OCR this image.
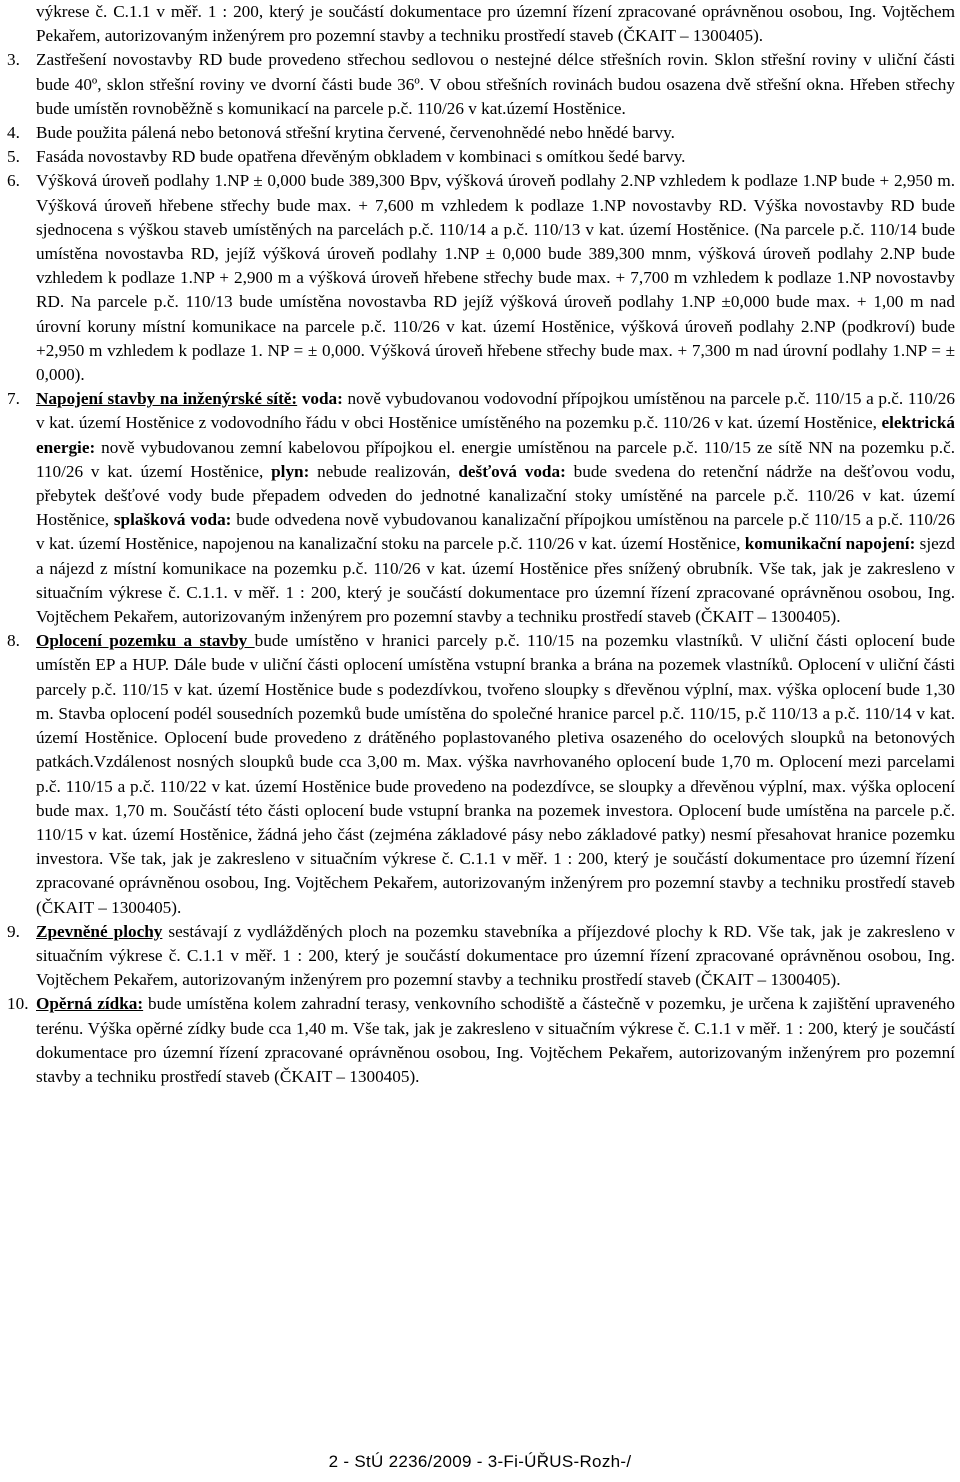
výkrese č. C.1.1 v měř. 1 : 200, který je součástí dokumentace pro územní řízení zpracované oprávněnou osobou, Ing. Vojtěchem Pekařem, autorizovaným inženýrem pro pozemní stavby a techniku prostředí staveb (ČKAIT – 1300405).
3. Zastřešení novostavby RD bude provedeno střechou sedlovou o nestejné délce střešních rovin. Sklon střešní roviny v uliční části bude 40º, sklon střešní roviny ve dvorní části bude 36º. V obou střešních rovinách budou osazena dvě střešní okna. Hřeben střechy bude umístěn rovnoběžně s komunikací na parcele p.č. 110/26 v kat.území Hostěnice.
4. Bude použita pálená nebo betonová střešní krytina červené, červenohnědé nebo hnědé barvy.
5. Fasáda novostavby RD bude opatřena dřevěným obkladem v kombinaci s omítkou šedé barvy.
6. Výšková úroveň podlahy 1.NP ± 0,000 bude 389,300 Bpv, výšková úroveň podlahy 2.NP vzhledem k podlaze 1.NP bude + 2,950 m. Výšková úroveň hřebene střechy bude max. + 7,600 m vzhledem k podlaze 1.NP novostavby RD. Výška novostavby RD bude sjednocena s výškou staveb umístěných na parcelách p.č. 110/14 a p.č. 110/13 v kat. území Hostěnice. (Na parcele p.č. 110/14 bude umístěna novostavba RD, jejíž výšková úroveň podlahy 1.NP ± 0,000 bude 389,300 mnm, výšková úroveň podlahy 2.NP bude vzhledem k podlaze 1.NP + 2,900 m a výšková úroveň hřebene střechy bude max. + 7,700 m vzhledem k podlaze 1.NP novostavby RD. Na parcele p.č. 110/13 bude umístěna novostavba RD jejíž výšková úroveň podlahy 1.NP ±0,000 bude max. + 1,00 m nad úrovní koruny místní komunikace na parcele p.č. 110/26 v kat. území Hostěnice, výšková úroveň podlahy 2.NP (podkroví) bude +2,950 m vzhledem k podlaze 1. NP = ± 0,000. Výšková úroveň hřebene střechy bude max. + 7,300 m nad úrovní podlahy 1.NP = ± 0,000).
7. Napojení stavby na inženýrské sítě: voda: nově vybudovanou vodovodní přípojkou umístěnou na parcele p.č. 110/15 a p.č. 110/26 v kat. území Hostěnice z vodovodního řádu v obci Hostěnice umístěného na pozemku p.č. 110/26 v kat. území Hostěnice, elektrická energie: nově vybudovanou zemní kabelovou přípojkou el. energie umístěnou na parcele p.č. 110/15 ze sítě NN na pozemku p.č. 110/26 v kat. území Hostěnice, plyn: nebude realizován, dešťová voda: bude svedena do retenční nádrže na dešťovou vodu, přebytek dešťové vody bude přepadem odveden do jednotné kanalizační stoky umístěné na parcele p.č. 110/26 v kat. území Hostěnice, splašková voda: bude odvedena nově vybudovanou kanalizační přípojkou umístěnou na parcele p.č 110/15 a p.č. 110/26 v kat. území Hostěnice, napojenou na kanalizační stoku na parcele p.č. 110/26 v kat. území Hostěnice, komunikační napojení: sjezd a nájezd z místní komunikace na pozemku p.č. 110/26 v kat. území Hostěnice přes snížený obrubník. Vše tak, jak je zakresleno v situačním výkrese č. C.1.1. v měř. 1 : 200, který je součástí dokumentace pro územní řízení zpracované oprávněnou osobou, Ing. Vojtěchem Pekařem, autorizovaným inženýrem pro pozemní stavby a techniku prostředí staveb (ČKAIT – 1300405).
8. Oplocení pozemku a stavby bude umístěno v hranici parcely p.č. 110/15 na pozemku vlastníků. V uliční části oplocení bude umístěn EP a HUP. Dále bude v uliční části oplocení umístěna vstupní branka a brána na pozemek vlastníků. Oplocení v uliční části parcely p.č. 110/15 v kat. území Hostěnice bude s podezdívkou, tvořeno sloupky s dřevěnou výplní, max. výška oplocení bude 1,30 m. Stavba oplocení podél sousedních pozemků bude umístěna do společné hranice parcel p.č. 110/15, p.č 110/13 a p.č. 110/14 v kat. území Hostěnice. Oplocení bude provedeno z drátěného poplastovaného pletiva osazeného do ocelových sloupků na betonových patkách.Vzdálenost nosných sloupků bude cca 3,00 m. Max. výška navrhovaného oplocení bude 1,70 m. Oplocení mezi parcelami p.č. 110/15 a p.č. 110/22 v kat. území Hostěnice bude provedeno na podezdívce, se sloupky a dřevěnou výplní, max. výška oplocení bude max. 1,70 m. Součástí této části oplocení bude vstupní branka na pozemek investora. Oplocení bude umístěna na parcele p.č. 110/15 v kat. území Hostěnice, žádná jeho část (zejména základové pásy nebo základové patky) nesmí přesahovat hranice pozemku investora. Vše tak, jak je zakresleno v situačním výkrese č. C.1.1 v měř. 1 : 200, který je součástí dokumentace pro územní řízení zpracované oprávněnou osobou, Ing. Vojtěchem Pekařem, autorizovaným inženýrem pro pozemní stavby a techniku prostředí staveb (ČKAIT – 1300405).
9. Zpevněné plochy sestávají z vydlážděných ploch na pozemku stavebníka a příjezdové plochy k RD. Vše tak, jak je zakresleno v situačním výkrese č. C.1.1 v měř. 1 : 200, který je součástí dokumentace pro územní řízení zpracované oprávněnou osobou, Ing. Vojtěchem Pekařem, autorizovaným inženýrem pro pozemní stavby a techniku prostředí staveb (ČKAIT – 1300405).
10. Opěrná zídka: bude umístěna kolem zahradní terasy, venkovního schodiště a částečně v pozemku, je určena k zajištění upraveného terénu. Výška opěrné zídky bude cca 1,40 m. Vše tak, jak je zakresleno v situačním výkrese č. C.1.1 v měř. 1 : 200, který je součástí dokumentace pro územní řízení zpracované oprávněnou osobou, Ing. Vojtěchem Pekařem, autorizovaným inženýrem pro pozemní stavby a techniku prostředí staveb (ČKAIT – 1300405).
2 - StÚ 2236/2009 - 3-Fi-ÚŘUS-Rozh-/
